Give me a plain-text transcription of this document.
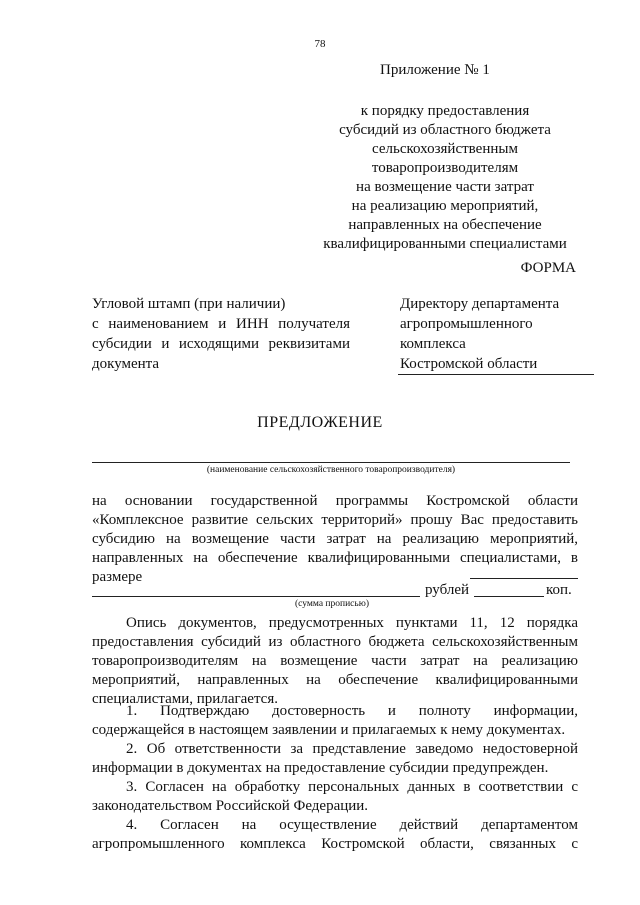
78
Приложение № 1
к порядку предоставления
субсидий из областного бюджета
сельскохозяйственным
товаропроизводителям
на возмещение части затрат
на реализацию мероприятий,
направленных на обеспечение
квалифицированными специалистами
ФОРМА
Угловой штамп (при наличии)
с наименованием и ИНН получателя
субсидии и исходящими реквизитами
документа
Директору департамента
агропромышленного
комплекса
Костромской области
ПРЕДЛОЖЕНИЕ
(наименование сельскохозяйственного товаропроизводителя)
на основании государственной программы Костромской области
«Комплексное развитие сельских территорий» прошу Вас предоставить
субсидию на возмещение части затрат на реализацию мероприятий,
направленных на обеспечение квалифицированными специалистами, в
размере
рублей	коп.
(сумма прописью)
Опись документов, предусмотренных пунктами 11, 12 порядка
предоставления субсидий из областного бюджета сельскохозяйственным
товаропроизводителям на возмещение части затрат на реализацию
мероприятий, направленных на обеспечение квалифицированными
специалистами, прилагается.
1. Подтверждаю достоверность и полноту информации,
содержащейся в настоящем заявлении и прилагаемых к нему документах.
2. Об ответственности за представление заведомо недостоверной
информации в документах на предоставление субсидии предупрежден.
3. Согласен на обработку персональных данных в соответствии с
законодательством Российской Федерации.
4. Согласен на осуществление действий департаментом
агропромышленного комплекса Костромской области, связанных с
